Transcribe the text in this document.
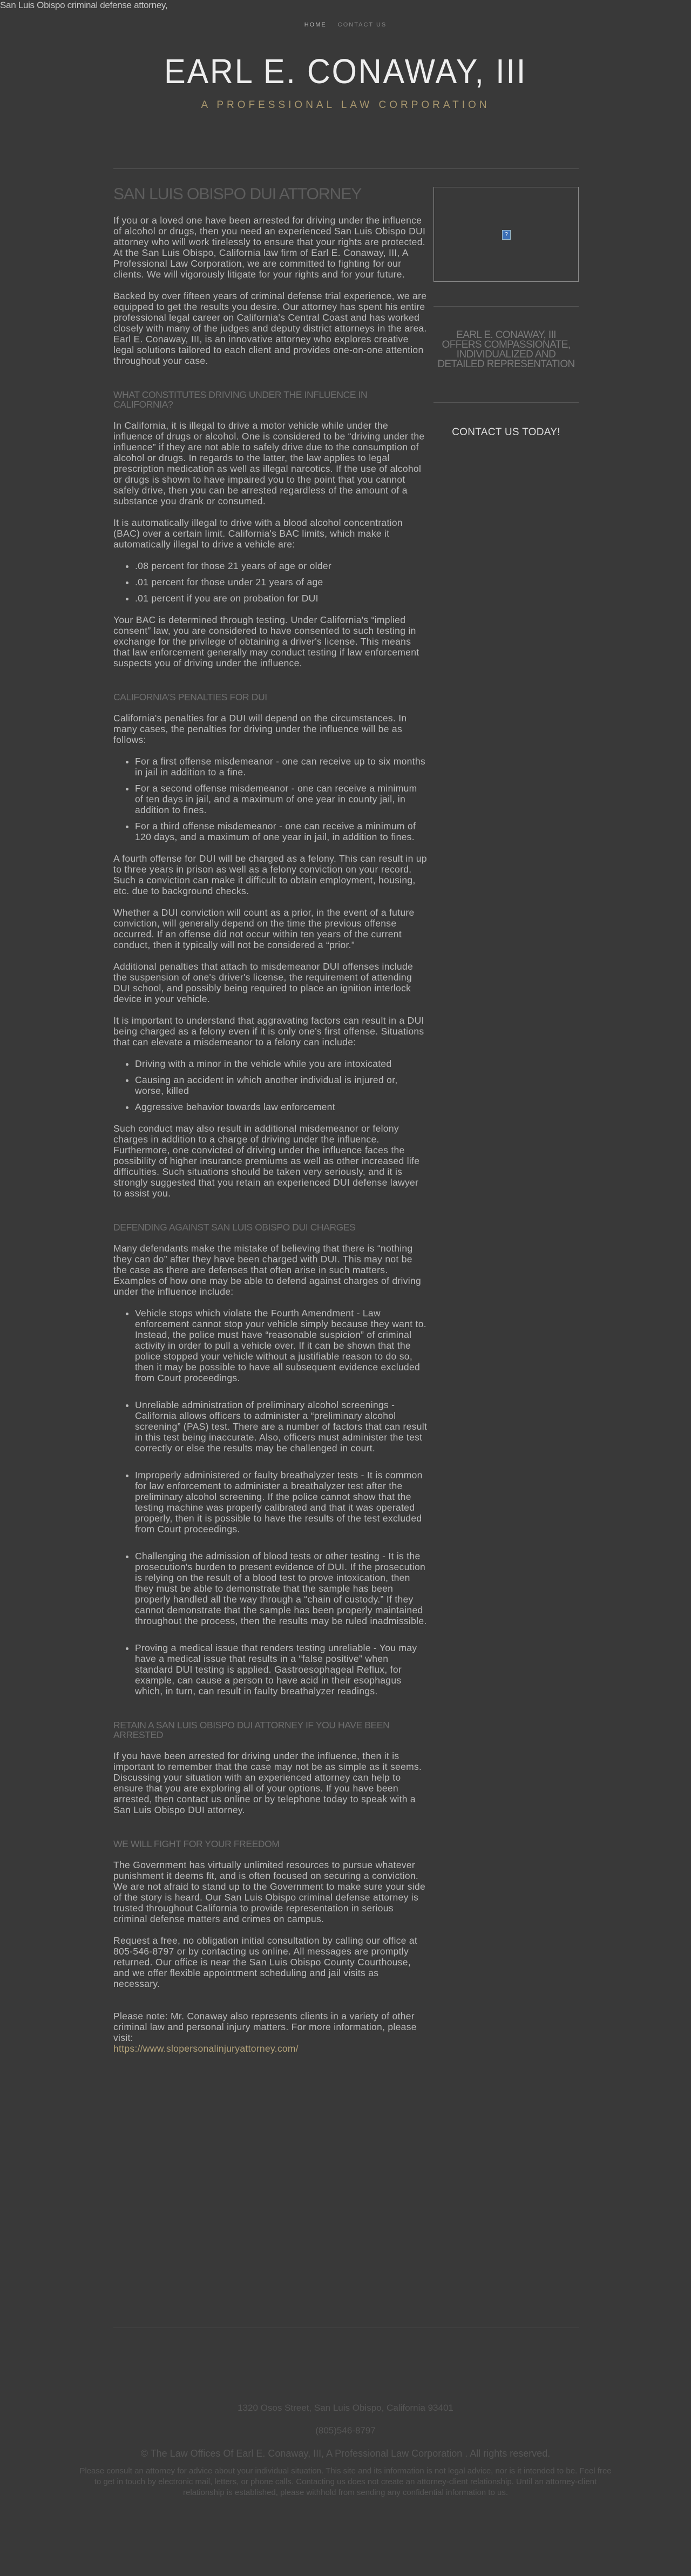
San Luis Obispo criminal defense attorney,
HOME CONTACT US
EARL E. CONAWAY, III
A PROFESSIONAL LAW CORPORATION
SAN LUIS OBISPO DUI ATTORNEY

If you or a loved one have been arrested for driving under the influence of alcohol or drugs, then you need an experienced San Luis Obispo DUI attorney who will work tirelessly to ensure that your rights are protected. At the San Luis Obispo, California law firm of Earl E. Conaway, III, A Professional Law Corporation, we are committed to fighting for our clients. We will vigorously litigate for your rights and for your future.

Backed by over fifteen years of criminal defense trial experience, we are equipped to get the results you desire. Our attorney has spent his entire professional legal career on California's Central Coast and has worked closely with many of the judges and deputy district attorneys in the area. Earl E. Conaway, III, is an innovative attorney who explores creative legal solutions tailored to each client and provides one-on-one attention throughout your case.

WHAT CONSTITUTES DRIVING UNDER THE INFLUENCE IN CALIFORNIA?

In California, it is illegal to drive a motor vehicle while under the influence of drugs or alcohol. One is considered to be “driving under the influence” if they are not able to safely drive due to the consumption of alcohol or drugs. In regards to the latter, the law applies to legal prescription medication as well as illegal narcotics. If the use of alcohol or drugs is shown to have impaired you to the point that you cannot safely drive, then you can be arrested regardless of the amount of a substance you drank or consumed.

It is automatically illegal to drive with a blood alcohol concentration (BAC) over a certain limit. California's BAC limits, which make it automatically illegal to drive a vehicle are:

• .08 percent for those 21 years of age or older
• .01 percent for those under 21 years of age
• .01 percent if you are on probation for DUI

Your BAC is determined through testing. Under California's “implied consent” law, you are considered to have consented to such testing in exchange for the privilege of obtaining a driver's license. This means that law enforcement generally may conduct testing if law enforcement suspects you of driving under the influence.

CALIFORNIA'S PENALTIES FOR DUI

California's penalties for a DUI will depend on the circumstances. In many cases, the penalties for driving under the influence will be as follows:

• For a first offense misdemeanor - one can receive up to six months in jail in addition to a fine.
• For a second offense misdemeanor - one can receive a minimum of ten days in jail, and a maximum of one year in county jail, in addition to fines.
• For a third offense misdemeanor - one can receive a minimum of 120 days, and a maximum of one year in jail, in addition to fines.

A fourth offense for DUI will be charged as a felony. This can result in up to three years in prison as well as a felony conviction on your record. Such a conviction can make it difficult to obtain employment, housing, etc. due to background checks.

Whether a DUI conviction will count as a prior, in the event of a future conviction, will generally depend on the time the previous offense occurred. If an offense did not occur within ten years of the current conduct, then it typically will not be considered a “prior.”

Additional penalties that attach to misdemeanor DUI offenses include the suspension of one's driver's license, the requirement of attending DUI school, and possibly being required to place an ignition interlock device in your vehicle.

It is important to understand that aggravating factors can result in a DUI being charged as a felony even if it is only one's first offense. Situations that can elevate a misdemeanor to a felony can include:

• Driving with a minor in the vehicle while you are intoxicated
• Causing an accident in which another individual is injured or, worse, killed
• Aggressive behavior towards law enforcement

Such conduct may also result in additional misdemeanor or felony charges in addition to a charge of driving under the influence. Furthermore, one convicted of driving under the influence faces the possibility of higher insurance premiums as well as other increased life difficulties. Such situations should be taken very seriously, and it is strongly suggested that you retain an experienced DUI defense lawyer to assist you.

DEFENDING AGAINST SAN LUIS OBISPO DUI CHARGES

Many defendants make the mistake of believing that there is “nothing they can do” after they have been charged with DUI. This may not be the case as there are defenses that often arise in such matters. Examples of how one may be able to defend against charges of driving under the influence include:

• Vehicle stops which violate the Fourth Amendment - Law enforcement cannot stop your vehicle simply because they want to. Instead, the police must have “reasonable suspicion” of criminal activity in order to pull a vehicle over. If it can be shown that the police stopped your vehicle without a justifiable reason to do so, then it may be possible to have all subsequent evidence excluded from Court proceedings.
• Unreliable administration of preliminary alcohol screenings - California allows officers to administer a “preliminary alcohol screening” (PAS) test. There are a number of factors that can result in this test being inaccurate. Also, officers must administer the test correctly or else the results may be challenged in court.
• Improperly administered or faulty breathalyzer tests - It is common for law enforcement to administer a breathalyzer test after the preliminary alcohol screening. If the police cannot show that the testing machine was properly calibrated and that it was operated properly, then it is possible to have the results of the test excluded from Court proceedings.
• Challenging the admission of blood tests or other testing - It is the prosecution's burden to present evidence of DUI. If the prosecution is relying on the result of a blood test to prove intoxication, then they must be able to demonstrate that the sample has been properly handled all the way through a “chain of custody.” If they cannot demonstrate that the sample has been properly maintained throughout the process, then the results may be ruled inadmissible.
• Proving a medical issue that renders testing unreliable - You may have a medical issue that results in a “false positive” when standard DUI testing is applied. Gastroesophageal Reflux, for example, can cause a person to have acid in their esophagus which, in turn, can result in faulty breathalyzer readings.
RETAIN A SAN LUIS OBISPO DUI ATTORNEY IF YOU HAVE BEEN ARRESTED

If you have been arrested for driving under the influence, then it is important to remember that the case may not be as simple as it seems. Discussing your situation with an experienced attorney can help to ensure that you are exploring all of your options. If you have been arrested, then contact us online or by telephone today to speak with a San Luis Obispo DUI attorney.

WE WILL FIGHT FOR YOUR FREEDOM

The Government has virtually unlimited resources to pursue whatever punishment it deems fit, and is often focused on securing a conviction. We are not afraid to stand up to the Government to make sure your side of the story is heard. Our San Luis Obispo criminal defense attorney is trusted throughout California to provide representation in serious criminal defense matters and crimes on campus.

Request a free, no obligation initial consultation by calling our office at 805-546-8797 or by contacting us online. All messages are promptly returned. Our office is near the San Luis Obispo County Courthouse, and we offer flexible appointment scheduling and jail visits as necessary.

Please note: Mr. Conaway also represents clients in a variety of other criminal law and personal injury matters. For more information, please visit:
https://www.slopersonalinjuryattorney.com/

?
EARL E. CONAWAY, III OFFERS COMPASSIONATE, INDIVIDUALIZED AND DETAILED REPRESENTATION
CONTACT US TODAY!
1320 Osos Street, San Luis Obispo, California 93401
(805)546-8797
© The Law Offices Of Earl E. Conaway, III, A Professional Law Corporation . All rights reserved.
Please consult an attorney for advice about your individual situation. This site and its information is not legal advice, nor is it intended to be. Feel free to get in touch by electronic mail, letters, or phone calls. Contacting us does not create an attorney-client relationship. Until an attorney-client relationship is established, please withhold from sending any confidential information to us.
